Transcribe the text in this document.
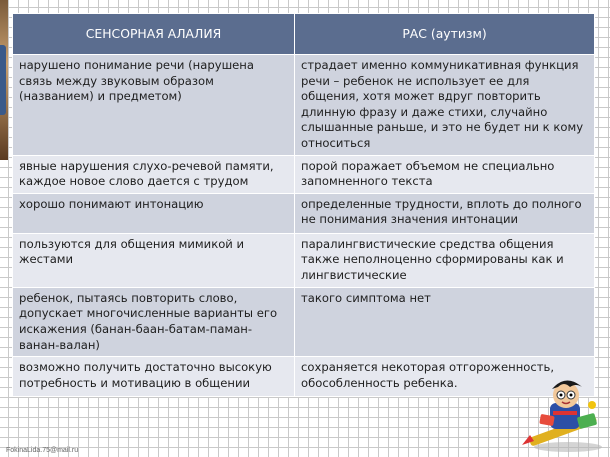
СЕНСОРНАЯ АЛАЛИЯ	РАС (аутизм)
нарушено понимание речи (нарушена связь между звуковым образом (названием) и предметом)	страдает именно коммуникативная функция речи – ребенок не использует ее для общения, хотя может вдруг повторить длинную фразу и даже стихи, случайно слышанные раньше, и это не будет ни к кому относиться
явные нарушения слухо-речевой памяти, каждое новое слово дается с трудом	порой поражает объемом не специально запомненного текста
хорошо понимают интонацию	определенные трудности, вплоть до полного не понимания значения интонации
пользуются для общения мимикой и жестами	паралингвистические средства общения также неполноценно сформированы как и лингвистические
ребенок, пытаясь повторить слово, допускает многочисленные варианты его искажения (банан-баан-батам-паман-ванан-валан)	такого симптома нет
возможно получить достаточно высокую потребность и мотивацию в общении	сохраняется некоторая отгороженность, обособленность ребенка.
FokinaLida.75@mail.ru
